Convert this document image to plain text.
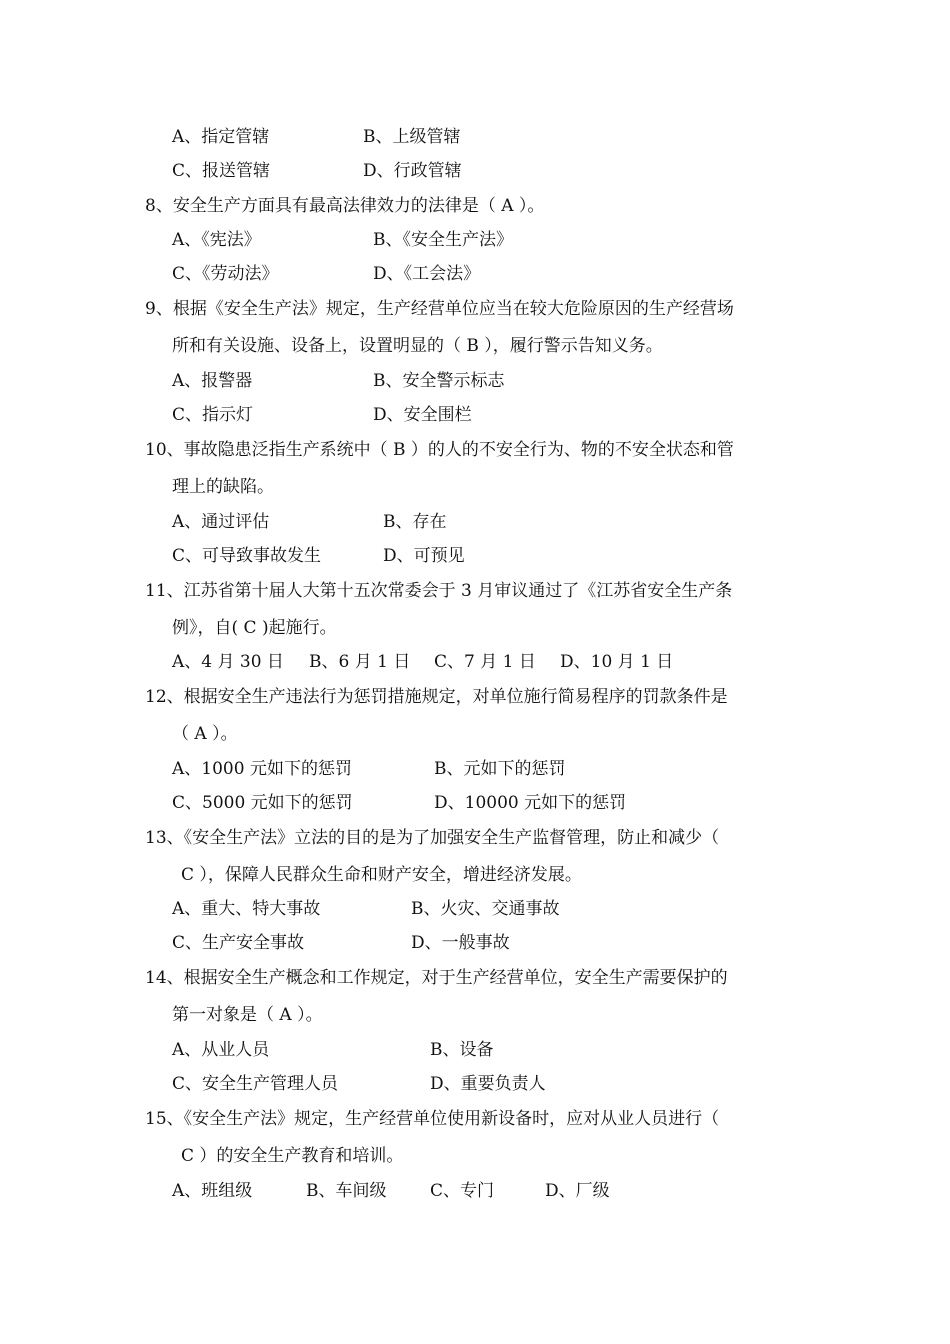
A、指定管辖	B、上级管辖
C、报送管辖	D、行政管辖
8、安全生产方面具有最高法律效力的法律是（ A ）。
A、《宪法》	B、《安全生产法》
C、《劳动法》	D、《工会法》
9、根据《安全生产法》规定，生产经营单位应当在较大危险原因的生产经营场
所和有关设施、设备上，设置明显的（ B ），履行警示告知义务。
A、报警器	B、安全警示标志
C、指示灯	D、安全围栏
10、事故隐患泛指生产系统中（ B ）的人的不安全行为、物的不安全状态和管
理上的缺陷。
A、通过评估	B、存在
C、可导致事故发生	D、可预见
11、江苏省第十届人大第十五次常委会于 3 月审议通过了《江苏省安全生产条
例》，自( C )起施行。
A、4 月 30 日 B、6 月 1 日 C、7 月 1 日 D、10 月 1 日
12、根据安全生产违法行为惩罚措施规定，对单位施行简易程序的罚款条件是
（ A ）。
A、1000 元如下的惩罚	B、元如下的惩罚
C、5000 元如下的惩罚	D、10000 元如下的惩罚
13、《安全生产法》立法的目的是为了加强安全生产监督管理，防止和减少（
C ），保障人民群众生命和财产安全，增进经济发展。
A、重大、特大事故	B、火灾、交通事故
C、生产安全事故	D、一般事故
14、根据安全生产概念和工作规定，对于生产经营单位，安全生产需要保护的
第一对象是（ A ）。
A、从业人员	B、设备
C、安全生产管理人员	D、重要负责人
15、《安全生产法》规定，生产经营单位使用新设备时，应对从业人员进行（
C ）的安全生产教育和培训。
A、班组级	B、车间级	C、专门	D、厂级
